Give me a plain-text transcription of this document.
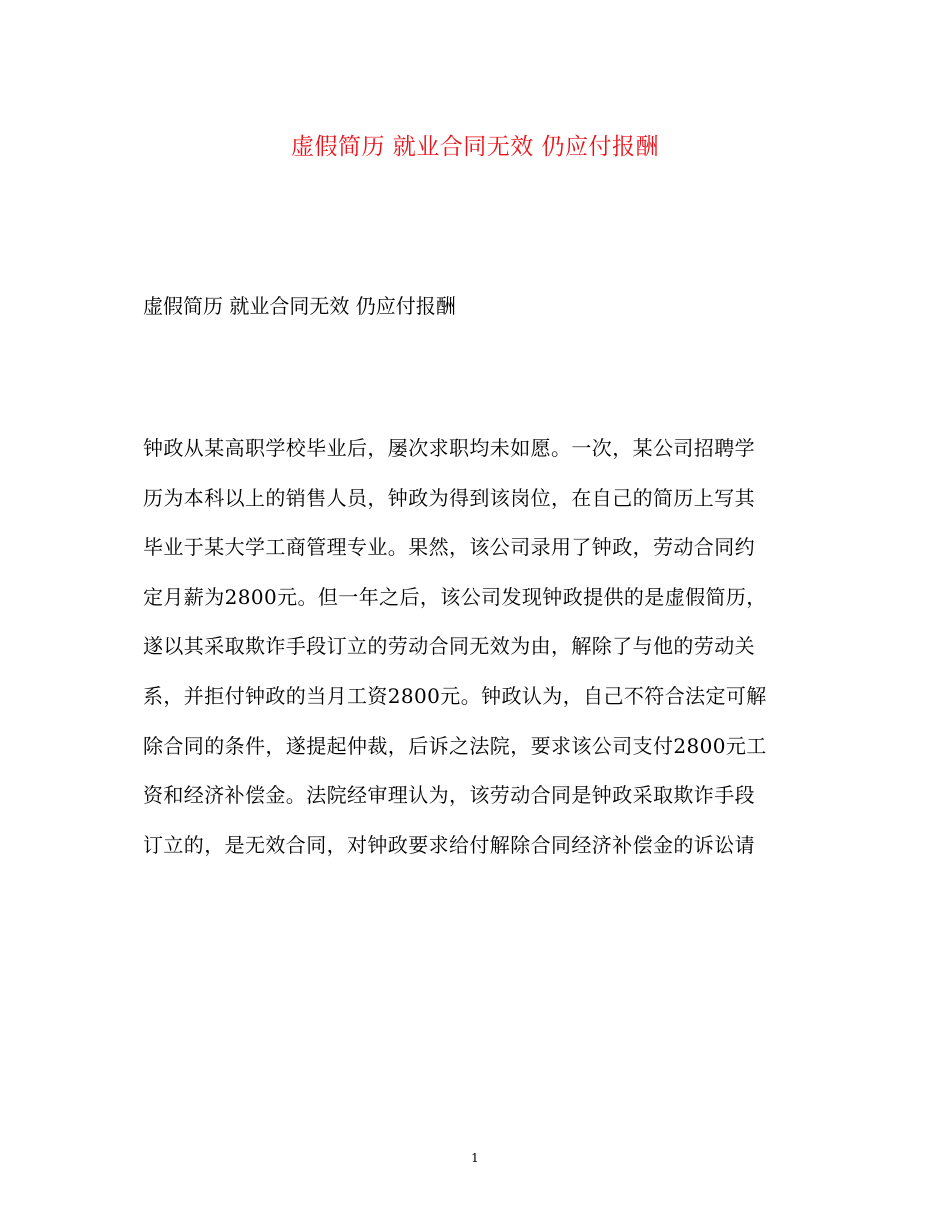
虚假简历 就业合同无效 仍应付报酬
虚假简历 就业合同无效 仍应付报酬
钟政从某高职学校毕业后，屡次求职均未如愿。一次，某公司招聘学
历为本科以上的销售人员，钟政为得到该岗位，在自己的简历上写其
毕业于某大学工商管理专业。果然，该公司录用了钟政，劳动合同约
定月薪为2800元。但一年之后，该公司发现钟政提供的是虚假简历，
遂以其采取欺诈手段订立的劳动合同无效为由，解除了与他的劳动关
系，并拒付钟政的当月工资2800元。钟政认为，自己不符合法定可解
除合同的条件，遂提起仲裁，后诉之法院，要求该公司支付2800元工
资和经济补偿金。法院经审理认为，该劳动合同是钟政采取欺诈手段
订立的，是无效合同，对钟政要求给付解除合同经济补偿金的诉讼请
1
